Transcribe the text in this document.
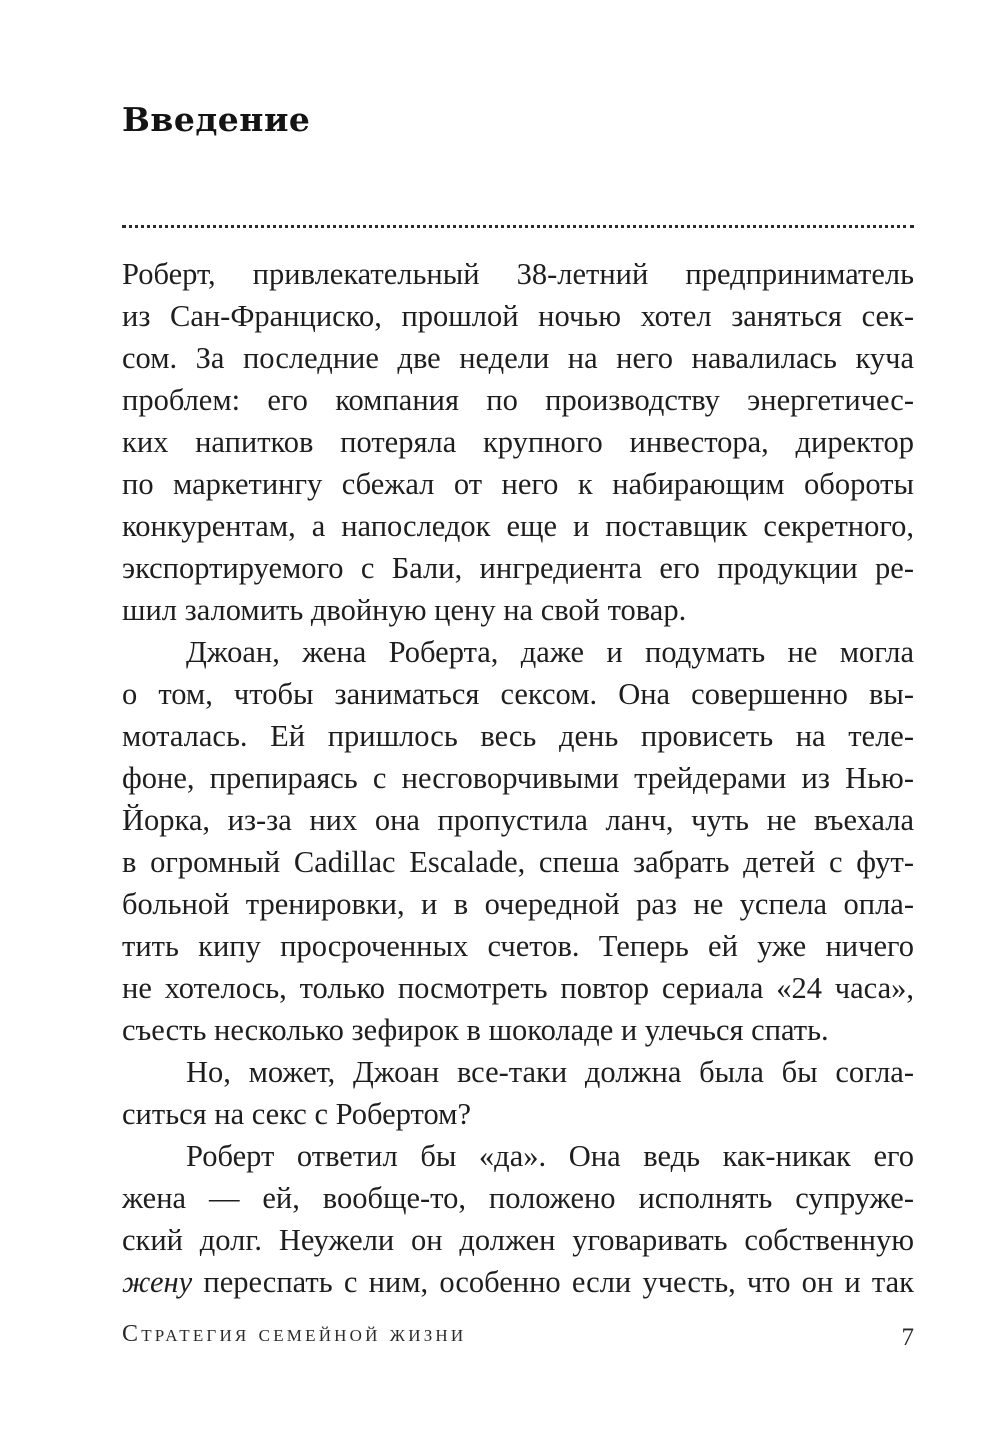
Введение
Роберт, привлекательный 38-летний предприниматель
из Сан-Франциско, прошлой ночью хотел заняться сек-
сом. За последние две недели на него навалилась куча
проблем: его компания по производству энергетичес-
ких напитков потеряла крупного инвестора, директор
по маркетингу сбежал от него к набирающим обороты
конкурентам, а напоследок еще и поставщик секретного,
экспортируемого с Бали, ингредиента его продукции ре-
шил заломить двойную цену на свой товар.
Джоан, жена Роберта, даже и подумать не могла
о том, чтобы заниматься сексом. Она совершенно вы-
моталась. Ей пришлось весь день провисеть на теле-
фоне, препираясь с несговорчивыми трейдерами из Нью-
Йорка, из-за них она пропустила ланч, чуть не въехала
в огромный Cadillac Escalade, спеша забрать детей с фут-
больной тренировки, и в очередной раз не успела опла-
тить кипу просроченных счетов. Теперь ей уже ничего
не хотелось, только посмотреть повтор сериала «24 часа»,
съесть несколько зефирок в шоколаде и улечься спать.
Но, может, Джоан все-таки должна была бы согла-
ситься на секс с Робертом?
Роберт ответил бы «да». Она ведь как-никак его
жена — ей, вообще-то, положено исполнять супруже-
ский долг. Неужели он должен уговаривать собственную
жену переспать с ним, особенно если учесть, что он и так
Стратегия семейной жизни	7
